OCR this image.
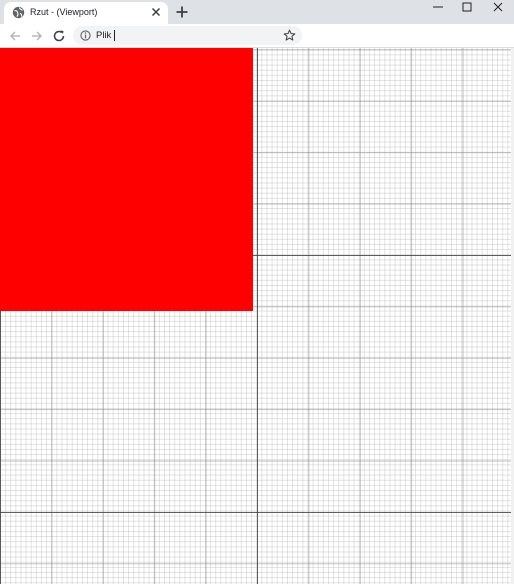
Rzut - (Viewport)
Plik
